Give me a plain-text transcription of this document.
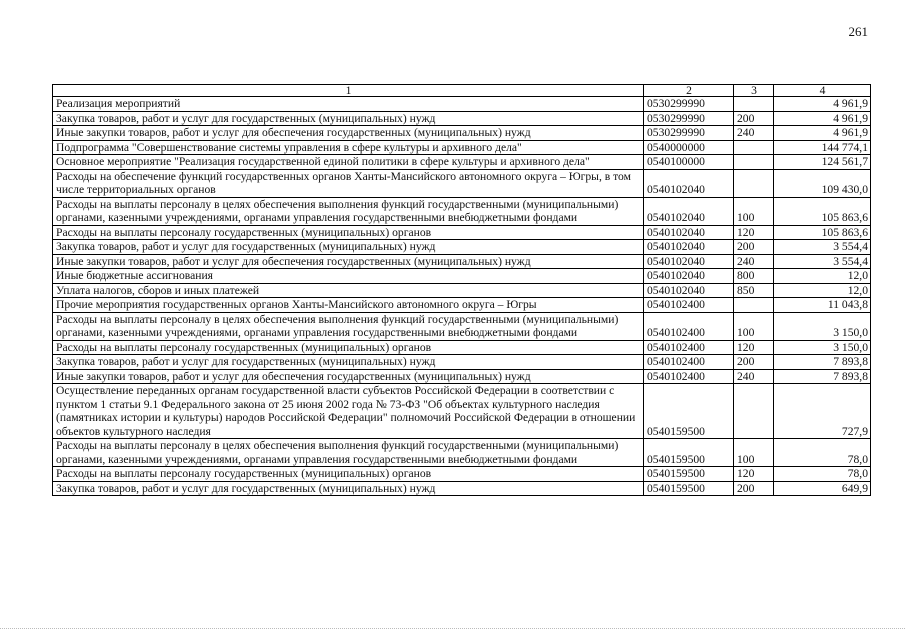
261
1	2	3	4
Реализация мероприятий	0530299990		4 961,9
Закупка товаров, работ и услуг для государственных (муниципальных) нужд	0530299990	200	4 961,9
Иные закупки товаров, работ и услуг для обеспечения государственных (муниципальных) нужд	0530299990	240	4 961,9
Подпрограмма "Совершенствование системы управления в сфере культуры и архивного дела"	0540000000		144 774,1
Основное мероприятие "Реализация государственной единой политики в сфере культуры и архивного дела"	0540100000		124 561,7
Расходы на обеспечение функций государственных органов Ханты-Мансийского автономного округа – Югры, в том числе территориальных органов	0540102040		109 430,0
Расходы на выплаты персоналу в целях обеспечения выполнения функций государственными (муниципальными) органами, казенными учреждениями, органами управления государственными внебюджетными фондами	0540102040	100	105 863,6
Расходы на выплаты персоналу государственных (муниципальных) органов	0540102040	120	105 863,6
Закупка товаров, работ и услуг для государственных (муниципальных) нужд	0540102040	200	3 554,4
Иные закупки товаров, работ и услуг для обеспечения государственных (муниципальных) нужд	0540102040	240	3 554,4
Иные бюджетные ассигнования	0540102040	800	12,0
Уплата налогов, сборов и иных платежей	0540102040	850	12,0
Прочие мероприятия государственных органов Ханты-Мансийского автономного округа – Югры	0540102400		11 043,8
Расходы на выплаты персоналу в целях обеспечения выполнения функций государственными (муниципальными) органами, казенными учреждениями, органами управления государственными внебюджетными фондами	0540102400	100	3 150,0
Расходы на выплаты персоналу государственных (муниципальных) органов	0540102400	120	3 150,0
Закупка товаров, работ и услуг для государственных (муниципальных) нужд	0540102400	200	7 893,8
Иные закупки товаров, работ и услуг для обеспечения государственных (муниципальных) нужд	0540102400	240	7 893,8
Осуществление переданных органам государственной власти субъектов Российской Федерации в соответствии с пунктом 1 статьи 9.1 Федерального закона от 25 июня 2002 года № 73-ФЗ "Об объектах культурного наследия (памятниках истории и культуры) народов Российской Федерации" полномочий Российской Федерации в отношении объектов культурного наследия	0540159500		727,9
Расходы на выплаты персоналу в целях обеспечения выполнения функций государственными (муниципальными) органами, казенными учреждениями, органами управления государственными внебюджетными фондами	0540159500	100	78,0
Расходы на выплаты персоналу государственных (муниципальных) органов	0540159500	120	78,0
Закупка товаров, работ и услуг для государственных (муниципальных) нужд	0540159500	200	649,9
